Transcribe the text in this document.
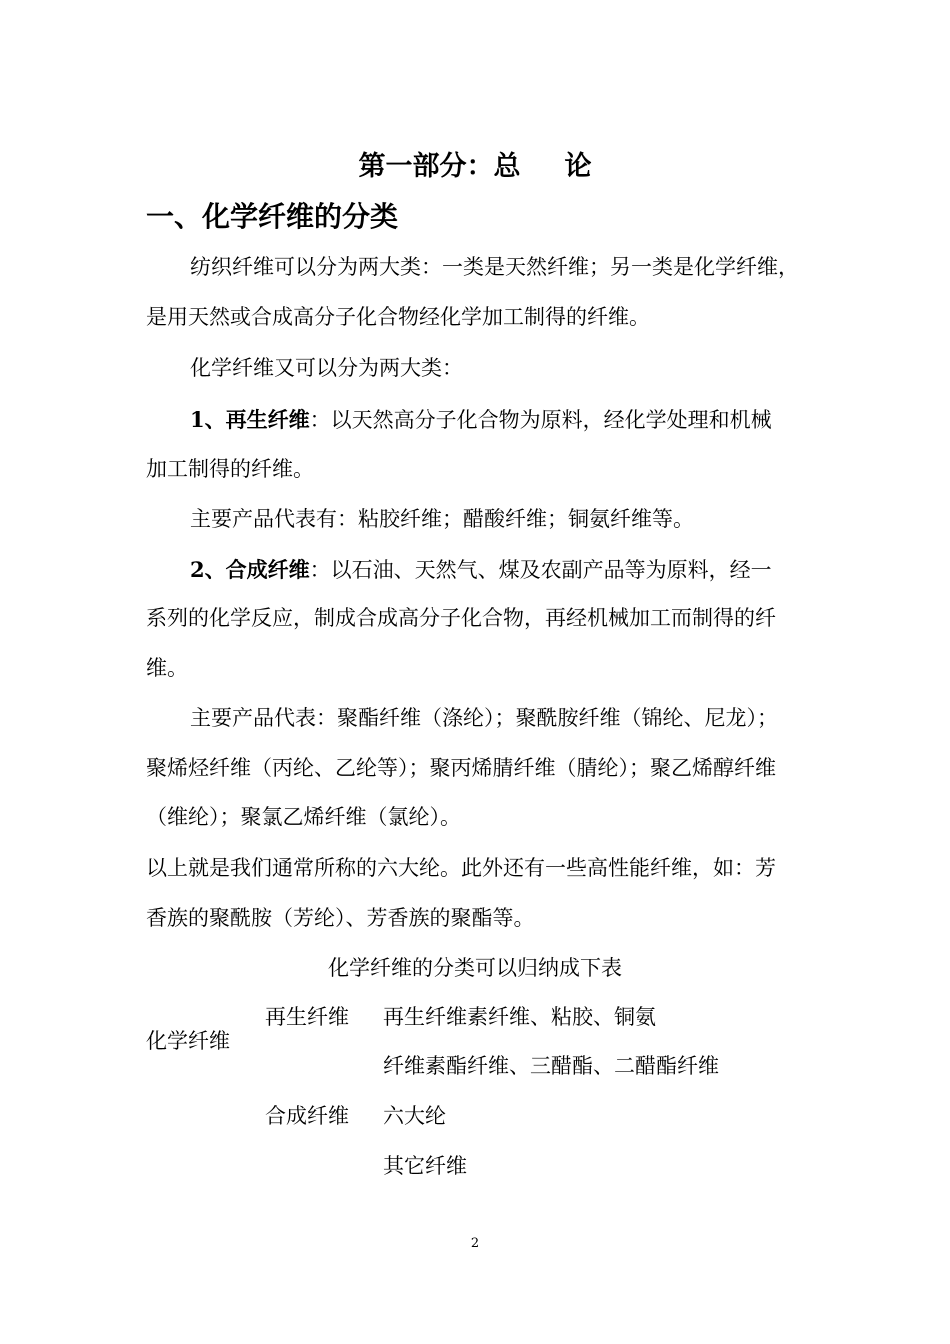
第一部分：总 论
一、化学纤维的分类
纺织纤维可以分为两大类：一类是天然纤维；另一类是化学纤维，
是用天然或合成高分子化合物经化学加工制得的纤维。
化学纤维又可以分为两大类：
1、再生纤维：以天然高分子化合物为原料，经化学处理和机械
加工制得的纤维。
主要产品代表有：粘胶纤维；醋酸纤维；铜氨纤维等。
2、合成纤维：以石油、天然气、煤及农副产品等为原料，经一
系列的化学反应，制成合成高分子化合物，再经机械加工而制得的纤
维。
主要产品代表：聚酯纤维（涤纶）；聚酰胺纤维（锦纶、尼龙）；
聚烯烃纤维（丙纶、乙纶等）；聚丙烯腈纤维（腈纶）；聚乙烯醇纤维
（维纶）；聚氯乙烯纤维（氯纶）。
以上就是我们通常所称的六大纶。此外还有一些高性能纤维，如：芳
香族的聚酰胺（芳纶）、芳香族的聚酯等。
化学纤维的分类可以归纳成下表
化学纤维
再生纤维 再生纤维素纤维、粘胶、铜氨
纤维素酯纤维、三醋酯、二醋酯纤维
合成纤维 六大纶
其它纤维
2
